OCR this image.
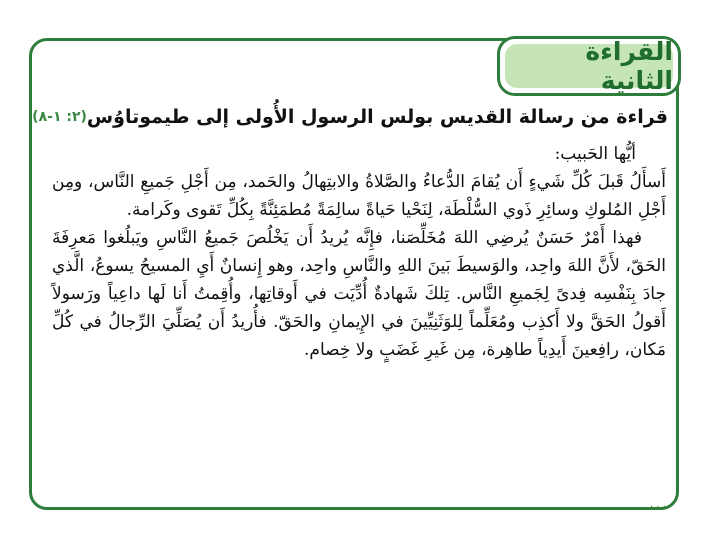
القراءة الثانية
قراءة من رسالة القديس بولس الرسول الأُولى إلى طيموتاوُس
(٢: ١-٨)

أيُّها الحَبيب:

أَسأَلُ قَبلَ كُلِّ شَيءٍ أَن يُقامَ الدُّعاءُ والصَّلاةُ والابتِهالُ والحَمد، مِن أَجْلِ جَميعِ النَّاس، ومِن أَجْلِ المُلوكِ وسائِرِ ذَوي السُّلْطَة، لِنَحْيا حَياةً سالِمَةً مُطمَئِنَّةً بِكُلِّ تَقوى وكَرامة.

فهذا أَمْرٌ حَسَنٌ يُرضِي اللهَ مُخَلِّصَنا، فإِنَّه يُريدُ أَن يَخْلُصَ جَميعُ النَّاسِ ويَبلُغوا مَعرِفَةَ الحَقّ، لأَنَّ اللهَ واحِد، والوَسيطَ بَينَ اللهِ والنَّاسِ واحِد، وهو إِنسانٌ أَيِ المسيحُ يسوعُ، الَّذي جادَ بِنَفْسِه فِدىً لِجَميعِ النَّاس. تِلكَ شَهادةٌ أُدِّيَت في أَوقاتِها، وأُقِمتُ أَنا لَها داعِياً ورَسولاً أَقولُ الحَقَّ ولا أَكذِب ومُعَلِّماً لِلوَثَنِيِّينَ في الإِيمانِ والحَقّ. فأُريدُ أَن يُصَلِّيَ الرِّجالُ في كُلِّ مَكان، رافِعينَ أَيدِياً طاهِرة، مِن غَيرِ غَضَبٍ ولا خِصام.

· · ·
